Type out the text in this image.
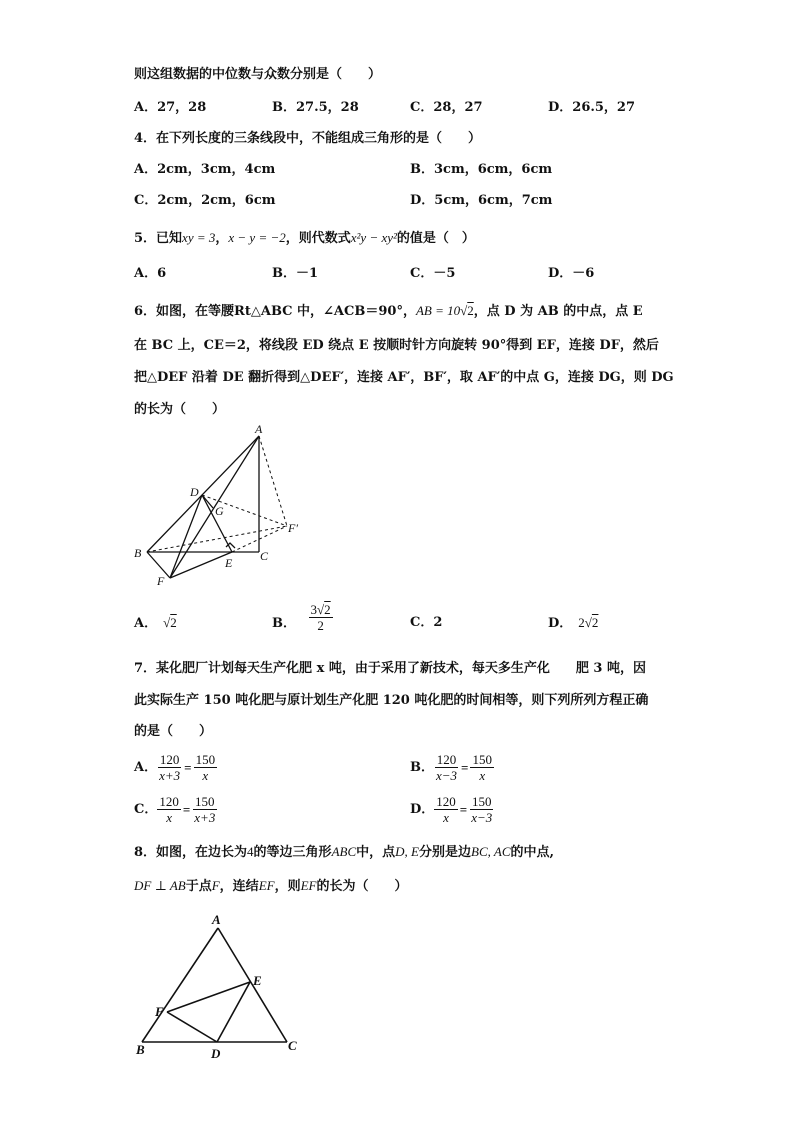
则这组数据的中位数与众数分别是（　　）
A．27，28	B．27.5，28	C．28，27	D．26.5，27
4．在下列长度的三条线段中，不能组成三角形的是（　　）
A．2cm，3cm，4cm	B．3cm，6cm，6cm
C．2cm，2cm，6cm	D．5cm，6cm，7cm
5．已知xy = 3，x − y = −2，则代数式x²y − xy²的值是（　）
A．6	B．－1	C．－5	D．－6
6．如图，在等腰Rt△ABC 中，∠ACB＝90°，AB = 10√2，点 D 为 AB 的中点，点 E
在 BC 上，CE＝2，将线段 ED 绕点 E 按顺时针方向旋转 90°得到 EF，连接 DF，然后
把△DEF 沿着 DE 翻折得到△DEF′，连接 AF′，BF′，取 AF′的中点 G，连接 DG，则 DG
的长为（　　）
A
D
G
F′
B
E C
F
A． √2	B． $\frac{3√2}{2}$	C．2	D． 2√2
7．某化肥厂计划每天生产化肥 x 吨，由于采用了新技术，每天多生产化　　肥 3 吨，因
此实际生产 150 吨化肥与原计划生产化肥 120 吨化肥的时间相等，则下列所列方程正确
的是（　　）
A． $\frac{120}{x+3} = \frac{150}{x}$	B． $\frac{120}{x-3} = \frac{150}{x}$
C． $\frac{120}{x} = \frac{150}{x+3}$	D． $\frac{120}{x} = \frac{150}{x-3}$
8．如图，在边长为4的等边三角形ABC中，点D, E分别是边BC, AC的中点,
DF ⊥ AB于点F，连结EF，则EF的长为（　　）
A
E
F
B	D
C
